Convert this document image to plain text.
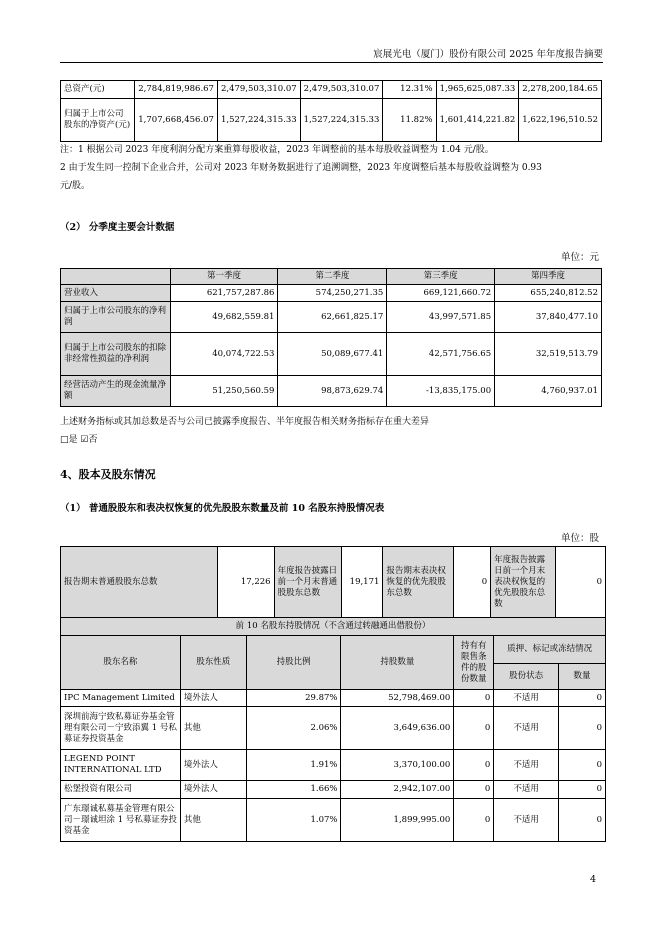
宸展光电（厦门）股份有限公司 2025 年年度报告摘要
总资产(元)	2,784,819,986.67	2,479,503,310.07	2,479,503,310.07	12.31%	1,965,625,087.33	2,278,200,184.65
归属于上市公司股东的净资产(元)	1,707,668,456.07	1,527,224,315.33	1,527,224,315.33	11.82%	1,601,414,221.82	1,622,196,510.52
注：1 根据公司 2023 年度利润分配方案重算每股收益，2023 年调整前的基本每股收益调整为 1.04 元/股。
2 由于发生同一控制下企业合并，公司对 2023 年财务数据进行了追溯调整，2023 年度调整后基本每股收益调整为 0.93
元/股。
（2） 分季度主要会计数据
单位：元
	第一季度	第二季度	第三季度	第四季度
营业收入	621,757,287.86	574,250,271.35	669,121,660.72	655,240,812.52
归属于上市公司股东的净利润	49,682,559.81	62,661,825.17	43,997,571.85	37,840,477.10
归属于上市公司股东的扣除非经常性损益的净利润	40,074,722.53	50,089,677.41	42,571,756.65	32,519,513.79
经营活动产生的现金流量净额	51,250,560.59	98,873,629.74	-13,835,175.00	4,760,937.01
上述财务指标或其加总数是否与公司已披露季度报告、半年度报告相关财务指标存在重大差异
□是 ☑否
4、股本及股东情况
（1） 普通股股东和表决权恢复的优先股股东数量及前 10 名股东持股情况表
单位：股
报告期末普通股股东总数	17,226	年度报告披露日前一个月末普通股股东总数	19,171	报告期末表决权恢复的优先股股东总数	0	年度报告披露日前一个月末表决权恢复的优先股股东总数	0
前 10 名股东持股情况（不含通过转融通出借股份）						
股东名称	股东性质	持股比例	持股数量	持有有限售条件的股份数量	质押、标记或冻结情况	
					股份状态	数量
IPC Management Limited	境外法人	29.87%	52,798,469.00	0	不适用	0
深圳前海宁致私募证券基金管理有限公司－宁致添翼 1 号私募证券投资基金	其他	2.06%	3,649,636.00	0	不适用	0
LEGEND POINT INTERNATIONAL LTD	境外法人	1.91%	3,370,100.00	0	不适用	0
松堡投资有限公司	境外法人	1.66%	2,942,107.00	0	不适用	0
广东璟诚私募基金管理有限公司－璟诚坦涂 1 号私募证券投资基金	其他	1.07%	1,899,995.00	0	不适用	0
4
